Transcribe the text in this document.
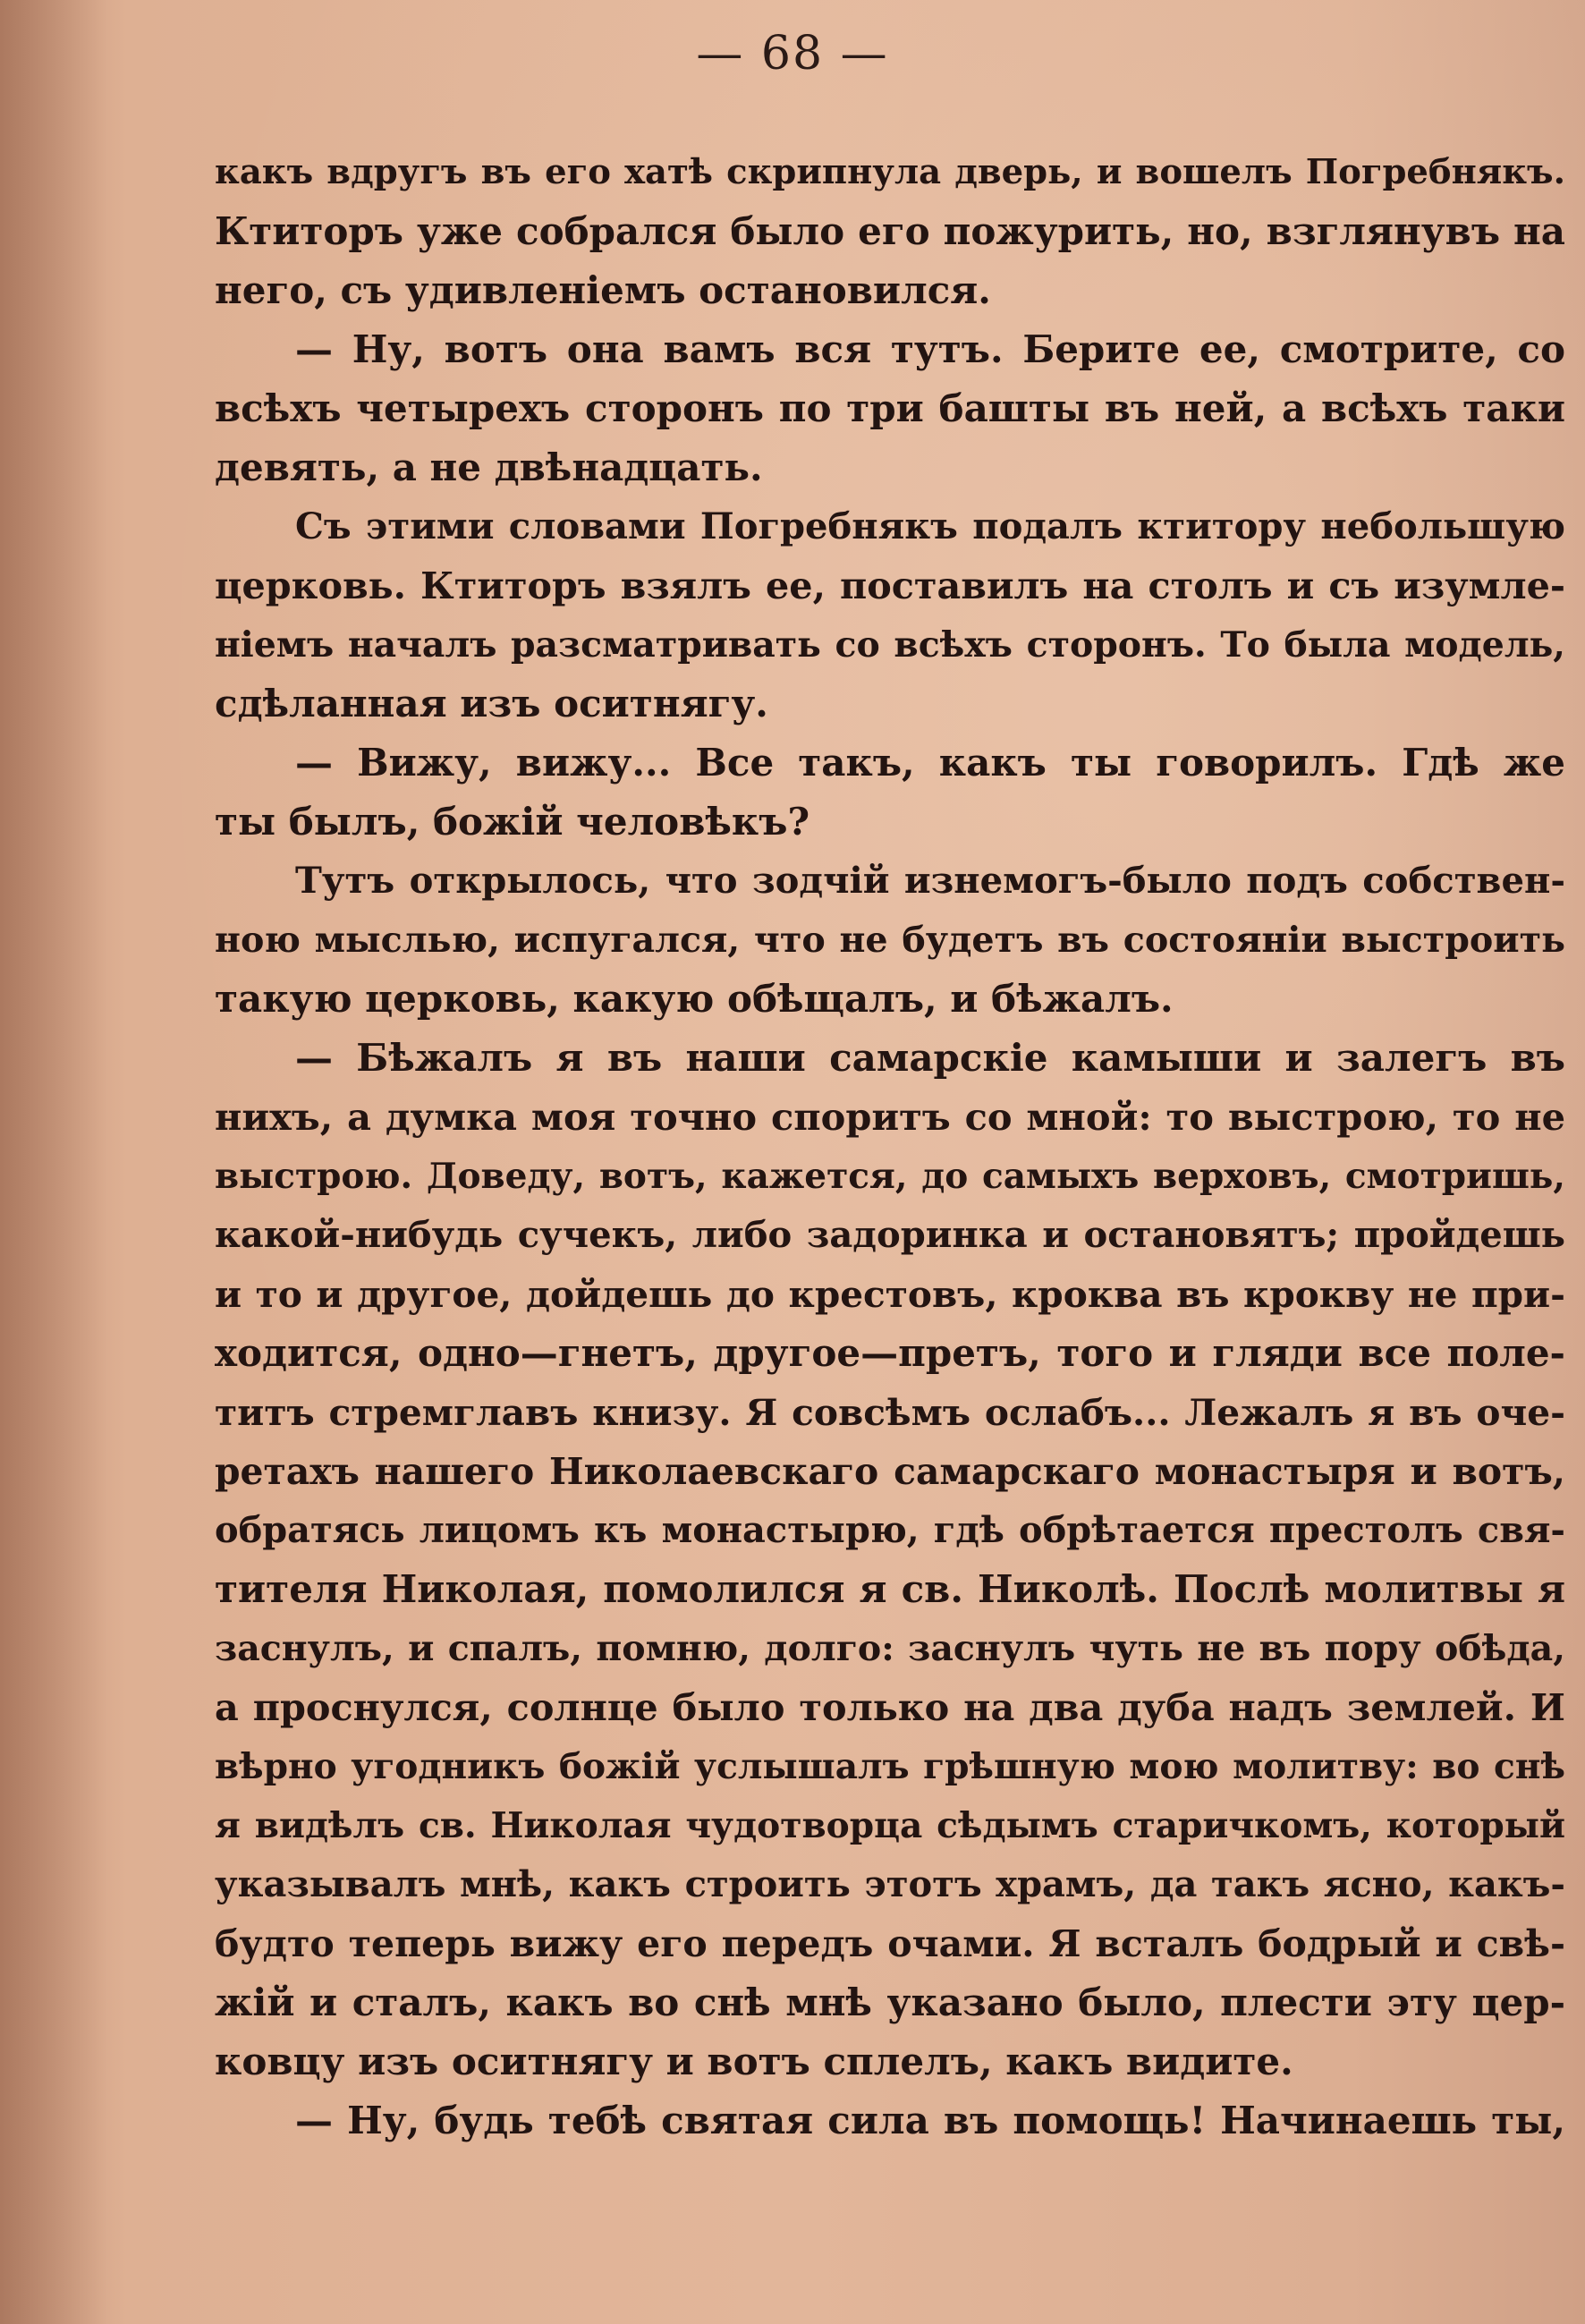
— 68 —
какъ вдругъ въ его хатѣ скрипнула дверь, и вошелъ Погребнякъ.
Ктиторъ уже собрался было его пожурить, но, взглянувъ на
него, съ удивленіемъ остановился.
— Ну, вотъ она вамъ вся тутъ. Берите ее, смотрите, со
всѣхъ четырехъ сторонъ по три башты въ ней, а всѣхъ таки
девять, а не двѣнадцать.
Съ этими словами Погребнякъ подалъ ктитору небольшую
церковь. Ктиторъ взялъ ее, поставилъ на столъ и съ изумле-
ніемъ началъ разсматривать со всѣхъ сторонъ. То была модель,
сдѣланная изъ оситнягу.
— Вижу, вижу... Все такъ, какъ ты говорилъ. Гдѣ же
ты былъ, божій человѣкъ?
Тутъ открылось, что зодчій изнемогъ-было подъ собствен-
ною мыслью, испугался, что не будетъ въ состояніи выстроить
такую церковь, какую обѣщалъ, и бѣжалъ.
— Бѣжалъ я въ наши самарскіе камыши и залегъ въ
нихъ, а думка моя точно споритъ со мной: то выстрою, то не
выстрою. Доведу, вотъ, кажется, до самыхъ верховъ, смотришь,
какой-нибудь сучекъ, либо задоринка и остановятъ; пройдешь
и то и другое, дойдешь до крестовъ, кроква въ крокву не при-
ходится, одно—гнетъ, другое—претъ, того и гляди все поле-
титъ стремглавъ книзу. Я совсѣмъ ослабъ... Лежалъ я въ оче-
ретахъ нашего Николаевскаго самарскаго монастыря и вотъ,
обратясь лицомъ къ монастырю, гдѣ обрѣтается престолъ свя-
тителя Николая, помолился я св. Николѣ. Послѣ молитвы я
заснулъ, и спалъ, помню, долго: заснулъ чуть не въ пору обѣда,
а проснулся, солнце было только на два дуба надъ землей. И
вѣрно угодникъ божій услышалъ грѣшную мою молитву: во снѣ
я видѣлъ св. Николая чудотворца сѣдымъ старичкомъ, который
указывалъ мнѣ, какъ строить этотъ храмъ, да такъ ясно, какъ-
будто теперь вижу его передъ очами. Я всталъ бодрый и свѣ-
жій и сталъ, какъ во снѣ мнѣ указано было, плести эту цер-
ковцу изъ оситнягу и вотъ сплелъ, какъ видите.
— Ну, будь тебѣ святая сила въ помощь! Начинаешь ты,
